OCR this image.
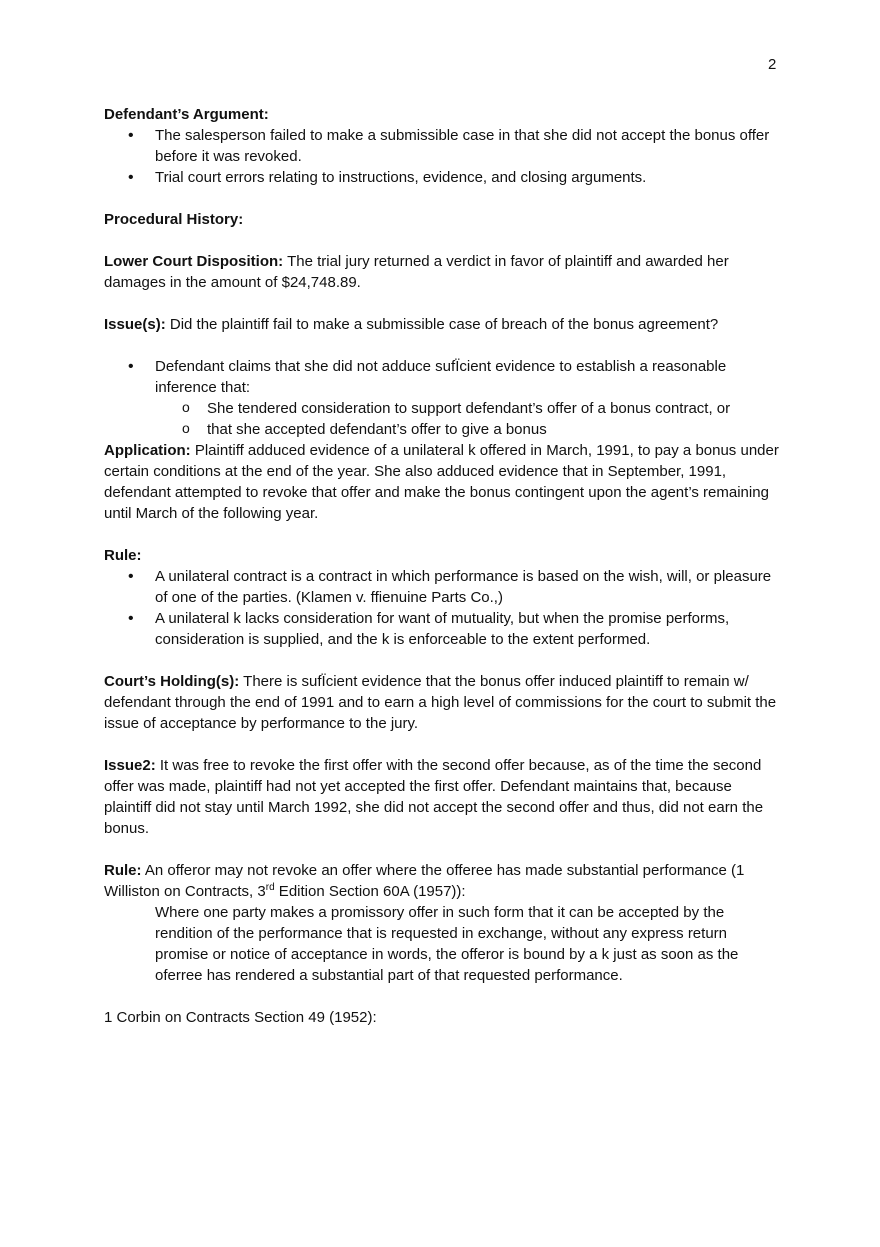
2

Defendant’s Argument:

• The salesperson failed to make a submissible case in that she did not accept the bonus offer before it was revoked.
• Trial court errors relating to instructions, evidence, and closing arguments.

Procedural History:

Lower Court Disposition: The trial jury returned a verdict in favor of plaintiff and awarded her damages in the amount of $24,748.89.

Issue(s): Did the plaintiff fail to make a submissible case of breach of the bonus agreement?

• Defendant claims that she did not adduce sufÏcient evidence to establish a reasonable inference that:
o She tendered consideration to support defendant’s offer of a bonus contract, or
o that she accepted defendant’s offer to give a bonus

Application: Plaintiff adduced evidence of a unilateral k offered in March, 1991, to pay a bonus under certain conditions at the end of the year. She also adduced evidence that in September, 1991, defendant attempted to revoke that offer and make the bonus contingent upon the agent’s remaining until March of the following year.

Rule:

• A unilateral contract is a contract in which performance is based on the wish, will, or pleasure of one of the parties. (Klamen v. ffienuine Parts Co.,)
• A unilateral k lacks consideration for want of mutuality, but when the promise performs, consideration is supplied, and the k is enforceable to the extent performed.

Court’s Holding(s): There is sufÏcient evidence that the bonus offer induced plaintiff to remain w/ defendant through the end of 1991 and to earn a high level of commissions for the court to submit the issue of acceptance by performance to the jury.

Issue2: It was free to revoke the first offer with the second offer because, as of the time the second offer was made, plaintiff had not yet accepted the first offer. Defendant maintains that, because plaintiff did not stay until March 1992, she did not accept the second offer and thus, did not earn the bonus.

Rule: An offeror may not revoke an offer where the offeree has made substantial performance (1 Williston on Contracts, 3rd Edition Section 60A (1957)):

Where one party makes a promissory offer in such form that it can be accepted by the rendition of the performance that is requested in exchange, without any express return promise or notice of acceptance in words, the offeror is bound by a k just as soon as the oferree has rendered a substantial part of that requested performance.

1 Corbin on Contracts Section 49 (1952):
